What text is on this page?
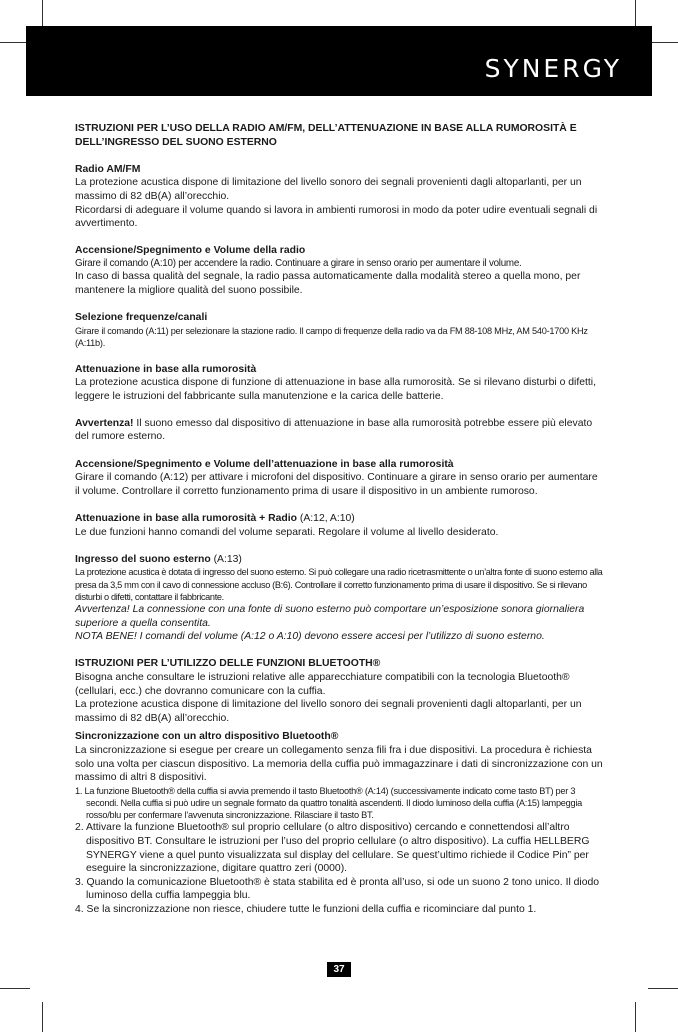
SYNERGY

ISTRUZIONI PER L’USO DELLA RADIO AM/FM, DELL’ATTENUAZIONE IN BASE ALLA RUMOROSITÀ E DELL’INGRESSO DEL SUONO ESTERNO

Radio AM/FM

La protezione acustica dispone di limitazione del livello sonoro dei segnali provenienti dagli altoparlanti, per un massimo di 82 dB(A) all’orecchio.

Ricordarsi di adeguare il volume quando si lavora in ambienti rumorosi in modo da poter udire eventuali segnali di avvertimento.

Accensione/Spegnimento e Volume della radio

Girare il comando (A:10) per accendere la radio. Continuare a girare in senso orario per aumentare il volume.

In caso di bassa qualità del segnale, la radio passa automaticamente dalla modalità stereo a quella mono, per mantenere la migliore qualità del suono possibile.

Selezione frequenze/canali

Girare il comando (A:11) per selezionare la stazione radio. Il campo di frequenze della radio va da FM 88-108 MHz, AM 540-1700 KHz (A:11b).

Attenuazione in base alla rumorosità

La protezione acustica dispone di funzione di attenuazione in base alla rumorosità. Se si rilevano disturbi o difetti, leggere le istruzioni del fabbricante sulla manutenzione e la carica delle batterie.

Avvertenza! Il suono emesso dal dispositivo di attenuazione in base alla rumorosità potrebbe essere più elevato del rumore esterno.

Accensione/Spegnimento e Volume dell’attenuazione in base alla rumorosità

Girare il comando (A:12) per attivare i microfoni del dispositivo. Continuare a girare in senso orario per aumentare il volume. Controllare il corretto funzionamento prima di usare il dispositivo in un ambiente rumoroso.

Attenuazione in base alla rumorosità + Radio (A:12, A:10)

Le due funzioni hanno comandi del volume separati. Regolare il volume al livello desiderato.

Ingresso del suono esterno (A:13)

La protezione acustica è dotata di ingresso del suono esterno. Si può collegare una radio ricetrasmittente o un’altra fonte di suono esterno alla presa da 3,5 mm con il cavo di connessione accluso (B:6). Controllare il corretto funzionamento prima di usare il dispositivo. Se si rilevano disturbi o difetti, contattare il fabbricante.

Avvertenza! La connessione con una fonte di suono esterno può comportare un’esposizione sonora giornaliera superiore a quella consentita.

NOTA BENE! I comandi del volume (A:12 o A:10) devono essere accesi per l’utilizzo di suono esterno.

ISTRUZIONI PER L’UTILIZZO DELLE FUNZIONI BLUETOOTH®

Bisogna anche consultare le istruzioni relative alle apparecchiature compatibili con la tecnologia Bluetooth® (cellulari, ecc.) che dovranno comunicare con la cuffia.

La protezione acustica dispone di limitazione del livello sonoro dei segnali provenienti dagli altoparlanti, per un massimo di 82 dB(A) all’orecchio.

Sincronizzazione con un altro dispositivo Bluetooth®

La sincronizzazione si esegue per creare un collegamento senza fili fra i due dispositivi. La procedura è richiesta solo una volta per ciascun dispositivo. La memoria della cuffia può immagazzinare i dati di sincronizzazione con un massimo di altri 8 dispositivi.

1. La funzione Bluetooth® della cuffia si avvia premendo il tasto Bluetooth® (A:14) (successivamente indicato come tasto BT) per 3 secondi. Nella cuffia si può udire un segnale formato da quattro tonalità ascendenti. Il diodo luminoso della cuffia (A:15) lampeggia rosso/blu per confermare l’avvenuta sincronizzazione. Rilasciare il tasto BT.

2. Attivare la funzione Bluetooth® sul proprio cellulare (o altro dispositivo) cercando e connettendosi all’altro dispositivo BT. Consultare le istruzioni per l’uso del proprio cellulare (o altro dispositivo). La cuffia HELLBERG SYNERGY viene a quel punto visualizzata sul display del cellulare. Se quest’ultimo richiede il Codice Pin” per eseguire la sincronizzazione, digitare quattro zeri (0000).

3. Quando la comunicazione Bluetooth® è stata stabilita ed è pronta all’uso, si ode un suono 2 tono unico. Il diodo luminoso della cuffia lampeggia blu.

4. Se la sincronizzazione non riesce, chiudere tutte le funzioni della cuffia e ricominciare dal punto 1.

37
